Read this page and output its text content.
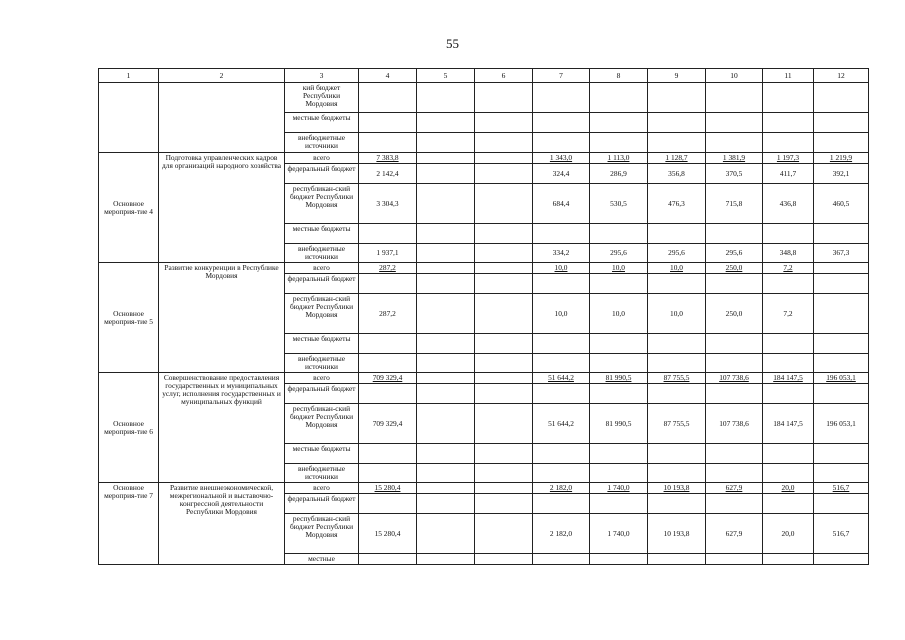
55
1	2	3	4	5	6	7	8	9	10	11	12
		кий бюджет Республики Мордовия									
		местные бюджеты									
		внебюджетные источники									
Основное мероприя-тие 4	Подготовка управленческих кадров для организаций народного хозяйства	всего	7 383,8			1 343,0	1 113,0	1 128,7	1 381,9	1 197,3	1 219,9
		федеральный бюджет	2 142,4			324,4	286,9	356,8	370,5	411,7	392,1
		республикан-ский бюджет Республики Мордовия	3 304,3			684,4	530,5	476,3	715,8	436,8	460,5
		местные бюджеты									
		внебюджетные источники	1 937,1			334,2	295,6	295,6	295,6	348,8	367,3
Основное мероприя-тие 5	Развитие конкуренции в Республике Мордовия	всего	287,2			10,0	10,0	10,0	250,0	7,2	
		федеральный бюджет									
		республикан-ский бюджет Республики Мордовия	287,2			10,0	10,0	10,0	250,0	7,2	
		местные бюджеты									
		внебюджетные источники									
Основное мероприя-тие 6	Совершенствование предоставления государственных и муниципальных услуг, исполнения государственных и муниципальных функций	всего	709 329,4			51 644,2	81 990,5	87 755,5	107 738,6	184 147,5	196 053,1
		федеральный бюджет									
		республикан-ский бюджет Республики Мордовия	709 329,4			51 644,2	81 990,5	87 755,5	107 738,6	184 147,5	196 053,1
		местные бюджеты									
		внебюджетные источники									
Основное мероприя-тие 7	Развитие внешнеэкономической, межрегиональной и выставочно-конгрессной деятельности Республики Мордовия	всего	15 280,4			2 182,0	1 740,0	10 193,8	627,9	20,0	516,7
		федеральный бюджет									
		республикан-ский бюджет Республики Мордовия	15 280,4			2 182,0	1 740,0	10 193,8	627,9	20,0	516,7
		местные									
